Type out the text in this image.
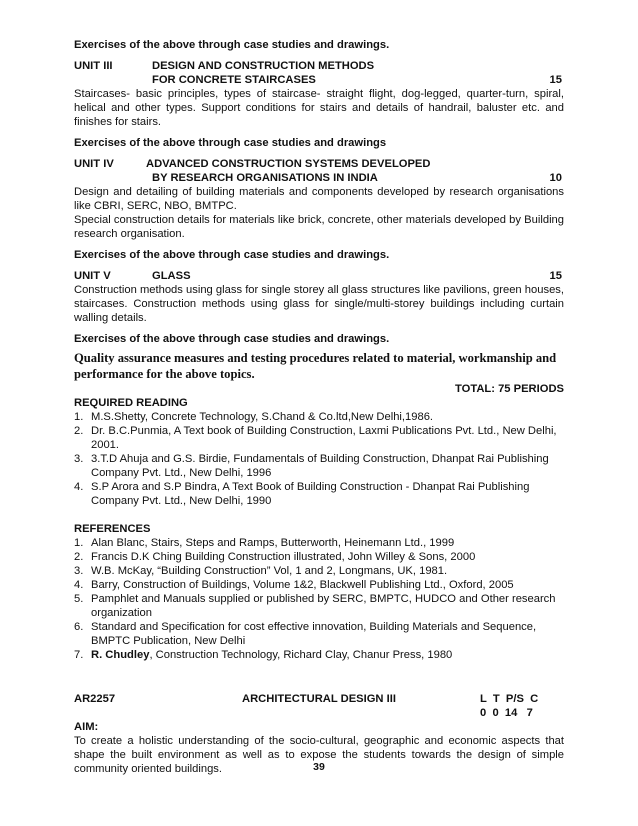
Exercises of the above through case studies and drawings.

UNIT III	DESIGN AND CONSTRUCTION METHODS
FOR CONCRETE STAIRCASES	15

Staircases- basic principles, types of staircase- straight flight, dog-legged, quarter-turn, spiral, helical and other types. Support conditions for stairs and details of handrail, baluster etc. and finishes for stairs.

Exercises of the above through case studies and drawings

UNIT IV	ADVANCED CONSTRUCTION SYSTEMS DEVELOPED
BY RESEARCH ORGANISATIONS IN INDIA	10

Design and detailing of building materials and components developed by research organisations like CBRI, SERC, NBO, BMTPC.

Special construction details for materials like brick, concrete, other materials developed by Building research organisation.

Exercises of the above through case studies and drawings.

UNIT V	GLASS	15

Construction methods using glass for single storey all glass structures like pavilions, green houses, staircases. Construction methods using glass for single/multi-storey buildings including curtain walling details.

Exercises of the above through case studies and drawings.

Quality assurance measures and testing procedures related to material, workmanship and performance for the above topics.

TOTAL: 75 PERIODS

REQUIRED READING
1. M.S.Shetty, Concrete Technology, S.Chand & Co.ltd,New Delhi,1986.
2. Dr. B.C.Punmia, A Text book of Building Construction, Laxmi Publications Pvt. Ltd., New Delhi, 2001.
3. 3.T.D Ahuja and G.S. Birdie, Fundamentals of Building Construction, Dhanpat Rai Publishing Company Pvt. Ltd., New Delhi, 1996
4. S.P Arora and S.P Bindra, A Text Book of Building Construction - Dhanpat Rai Publishing Company Pvt. Ltd., New Delhi, 1990
REFERENCES
1. Alan Blanc, Stairs, Steps and Ramps, Butterworth, Heinemann Ltd., 1999
2. Francis D.K Ching Building Construction illustrated, John Willey & Sons, 2000
3. W.B. McKay, “Building Construction” Vol, 1 and 2, Longmans, UK, 1981.
4. Barry, Construction of Buildings, Volume 1&2, Blackwell Publishing Ltd., Oxford, 2005
5. Pamphlet and Manuals supplied or published by SERC, BMPTC, HUDCO and Other research organization
6. Standard and Specification for cost effective innovation, Building Materials and Sequence, BMPTC Publication, New Delhi
7. R. Chudley, Construction Technology, Richard Clay, Chanur Press, 1980
AR2257	ARCHITECTURAL DESIGN III	L  T  P/S  C
0  0  14   7
AIM:

To create a holistic understanding of the socio-cultural, geographic and economic aspects that shape the built environment as well as to expose the students towards the design of simple community oriented buildings.	39
